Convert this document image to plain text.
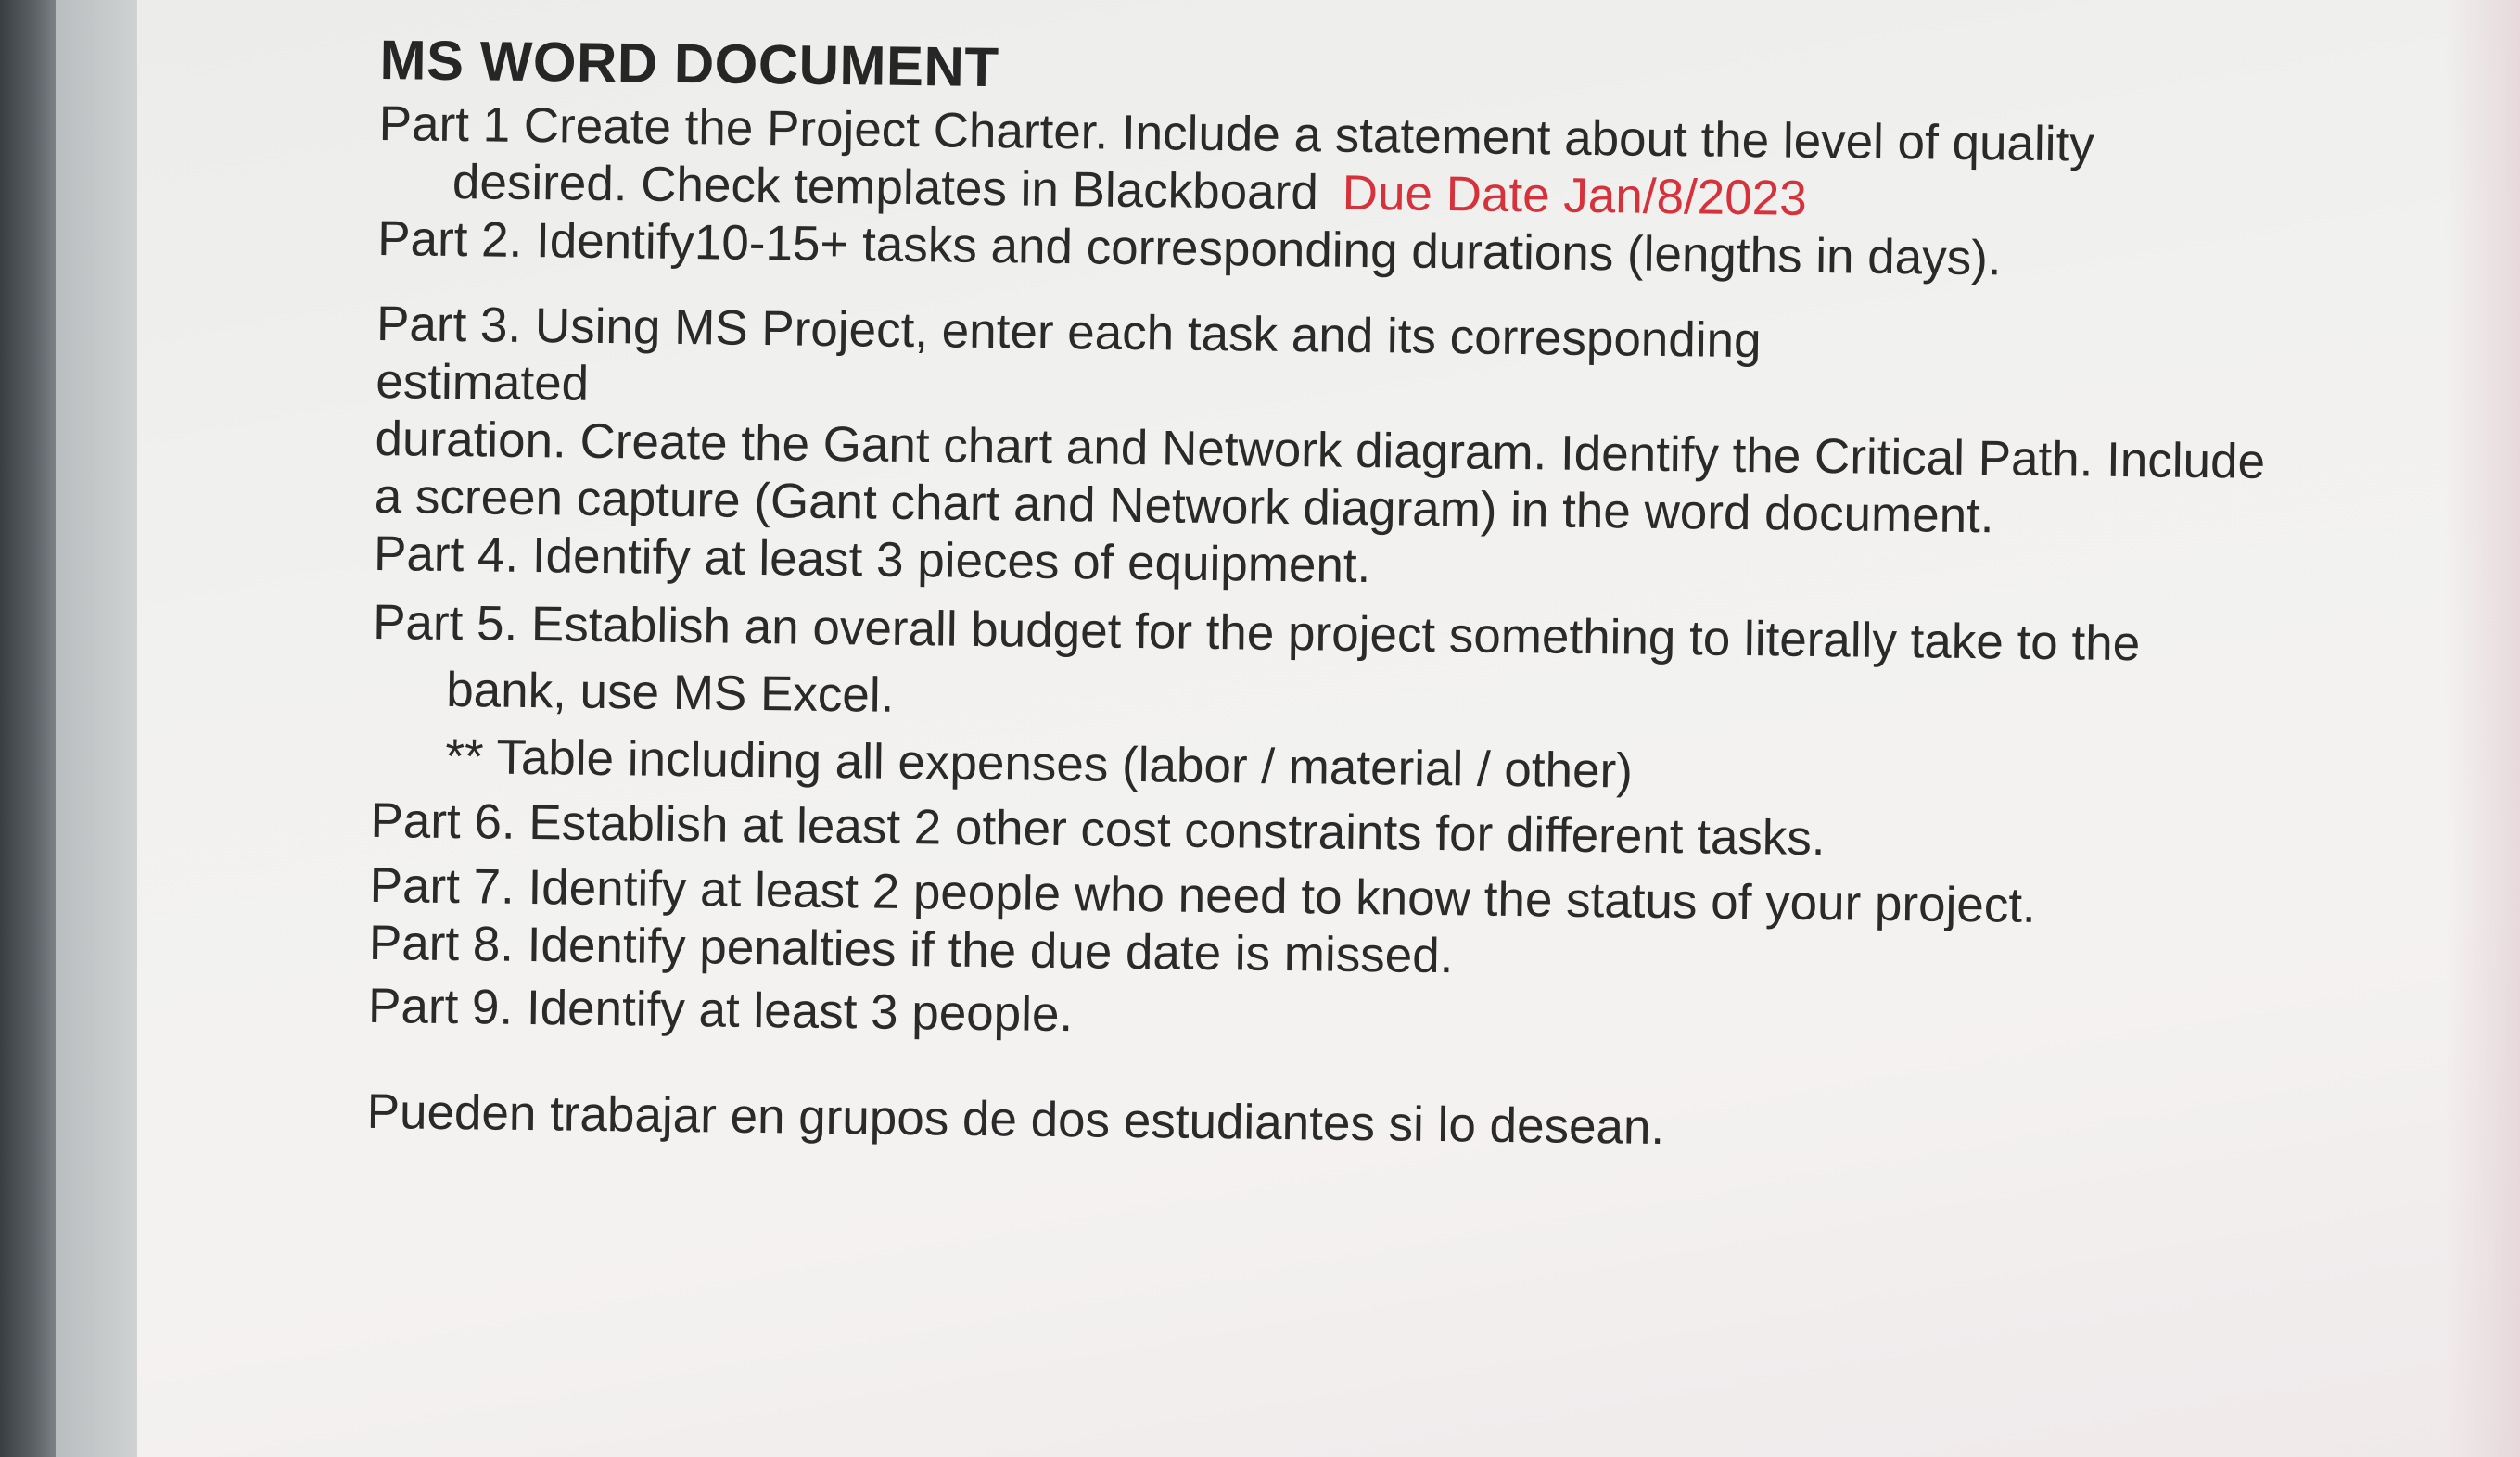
MS WORD DOCUMENT
Part 1 Create the Project Charter. Include a statement about the level of quality
desired. Check templates in Blackboard Due Date Jan/8/2023
Part 2. Identify10-15+ tasks and corresponding durations (lengths in days).
Part 3. Using MS Project, enter each task and its corresponding
estimated
duration. Create the Gant chart and Network diagram. Identify the Critical Path. Include
a screen capture (Gant chart and Network diagram) in the word document.
Part 4. Identify at least 3 pieces of equipment.
Part 5. Establish an overall budget for the project something to literally take to the
bank, use MS Excel.
** Table including all expenses (labor / material / other)
Part 6. Establish at least 2 other cost constraints for different tasks.
Part 7. Identify at least 2 people who need to know the status of your project.
Part 8. Identify penalties if the due date is missed.
Part 9. Identify at least 3 people.
Pueden trabajar en grupos de dos estudiantes si lo desean.
